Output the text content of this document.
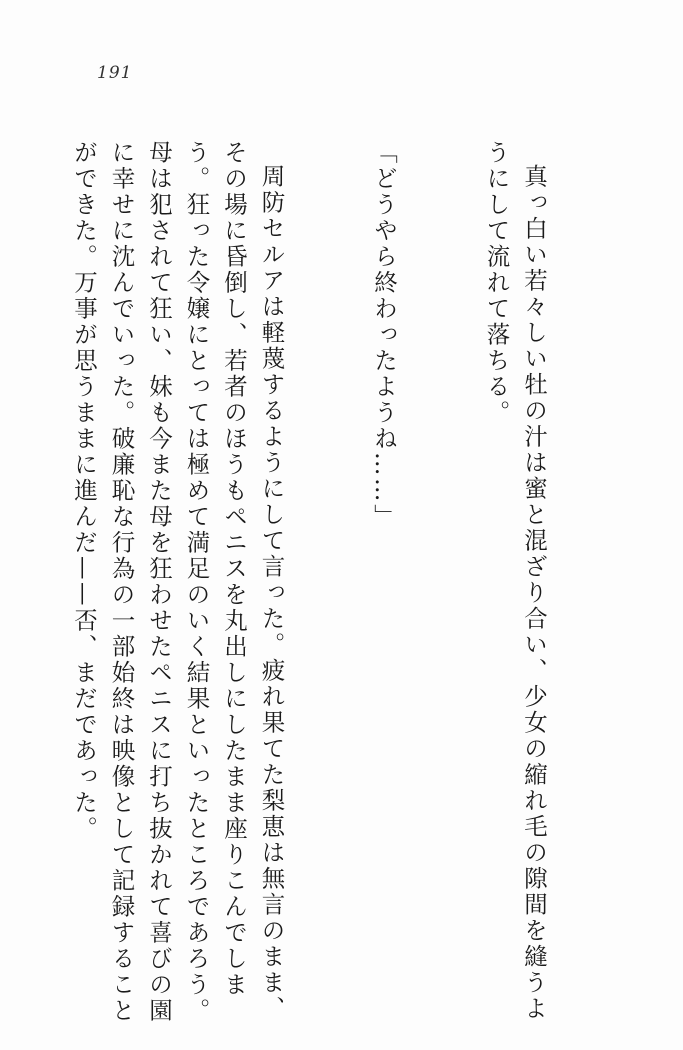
191

真っ白い若々しい牡の汁は蜜と混ざり合い、少女の縮れ毛の隙間を縫うようにして流れて落ちる。

「どうやら終わったようね……」

周防セルアは軽蔑するようにして言った。疲れ果てた梨恵は無言のまま、その場に昏倒し、若者のほうもペニスを丸出しにしたまま座りこんでしまう。狂った令嬢にとっては極めて満足のいく結果といったところであろう。母は犯されて狂い、妹も今また母を狂わせたペニスに打ち抜かれて喜びの園に幸せに沈んでいった。破廉恥な行為の一部始終は映像として記録することができた。万事が思うままに進んだ——否、まだであった。
